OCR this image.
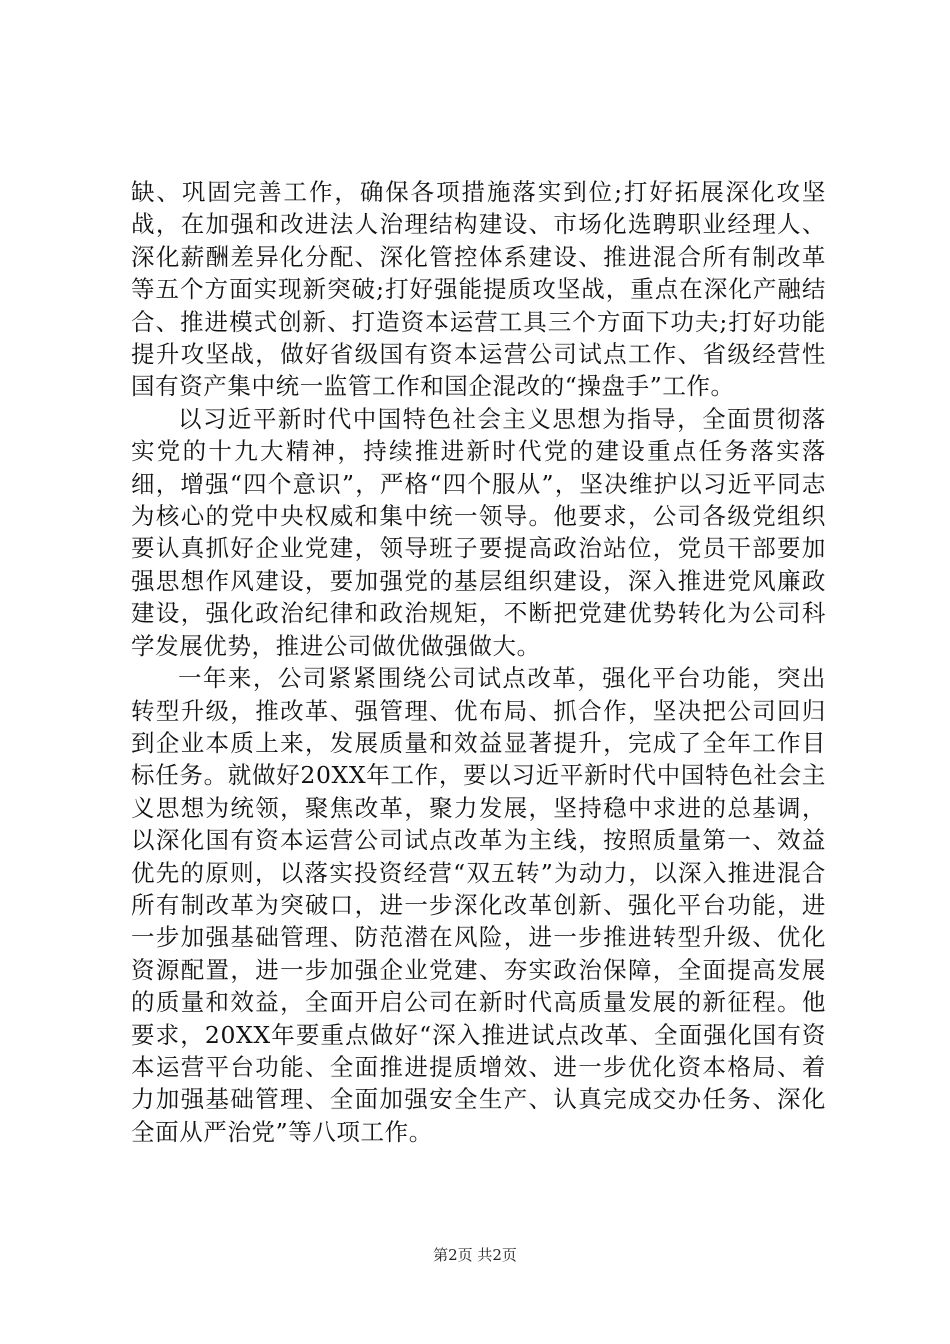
缺、巩固完善工作，确保各项措施落实到位;打好拓展深化攻坚战，在加强和改进法人治理结构建设、市场化选聘职业经理人、深化薪酬差异化分配、深化管控体系建设、推进混合所有制改革等五个方面实现新突破;打好强能提质攻坚战，重点在深化产融结合、推进模式创新、打造资本运营工具三个方面下功夫;打好功能提升攻坚战，做好省级国有资本运营公司试点工作、省级经营性国有资产集中统一监管工作和国企混改的“操盘手”工作。

以习近平新时代中国特色社会主义思想为指导，全面贯彻落实党的十九大精神，持续推进新时代党的建设重点任务落实落细，增强“四个意识”，严格“四个服从”，坚决维护以习近平同志为核心的党中央权威和集中统一领导。他要求，公司各级党组织要认真抓好企业党建，领导班子要提高政治站位，党员干部要加强思想作风建设，要加强党的基层组织建设，深入推进党风廉政建设，强化政治纪律和政治规矩，不断把党建优势转化为公司科学发展优势，推进公司做优做强做大。

一年来，公司紧紧围绕公司试点改革，强化平台功能，突出转型升级，推改革、强管理、优布局、抓合作，坚决把公司回归到企业本质上来，发展质量和效益显著提升，完成了全年工作目标任务。就做好20XX年工作，要以习近平新时代中国特色社会主义思想为统领，聚焦改革，聚力发展，坚持稳中求进的总基调，以深化国有资本运营公司试点改革为主线，按照质量第一、效益优先的原则，以落实投资经营“双五转”为动力，以深入推进混合所有制改革为突破口，进一步深化改革创新、强化平台功能，进一步加强基础管理、防范潜在风险，进一步推进转型升级、优化资源配置，进一步加强企业党建、夯实政治保障，全面提高发展的质量和效益，全面开启公司在新时代高质量发展的新征程。他要求，20XX年要重点做好“深入推进试点改革、全面强化国有资本运营平台功能、全面推进提质增效、进一步优化资本格局、着力加强基础管理、全面加强安全生产、认真完成交办任务、深化全面从严治党”等八项工作。

第2页 共2页
